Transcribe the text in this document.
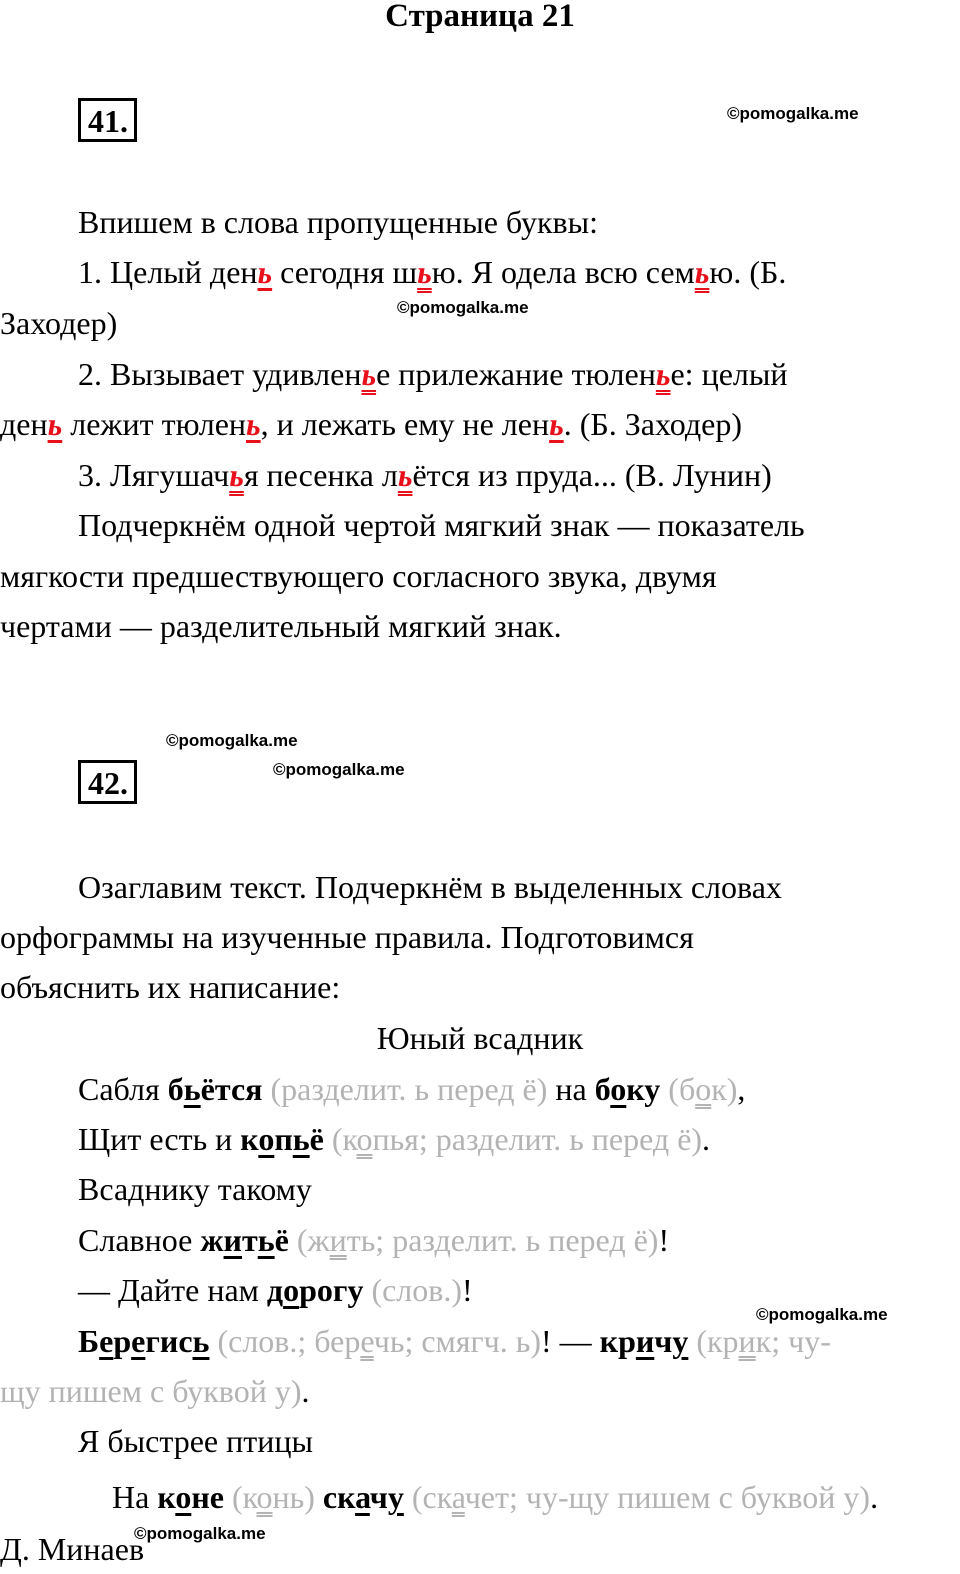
Страница 21
41.	©pomogalka.me
Впишем в слова пропущенные буквы:
1. Целый день сегодня шью. Я одела всю семью. (Б.
Заходер)	©pomogalka.me
2. Вызывает удивленье прилежание тюленье: целый
день лежит тюлень, и лежать ему не лень. (Б. Заходер)
3. Лягушачья песенка льётся из пруда... (В. Лунин)
Подчеркнём одной чертой мягкий знак — показатель
мягкости предшествующего согласного звука, двумя
чертами — разделительный мягкий знак.
©pomogalka.me
42.	©pomogalka.me
Озаглавим текст. Подчеркнём в выделенных словах
орфограммы на изученные правила. Подготовимся
объяснить их написание:
Юный всадник
Сабля бьётся (разделит. ь перед ё) на боку (бок),
Щит есть и копьё (копья; разделит. ь перед ё).
Всаднику такому
Славное житьё (жить; разделит. ь перед ё)!
— Дайте нам дорогу (слов.)!
©pomogalka.me
Берегись (слов.; беречь; смягч. ь)! — кричу (крик; чу-
щу пишем с буквой у).
Я быстрее птицы
На коне (конь) скачу (скачет; чу-щу пишем с буквой у).
©pomogalka.me
Д. Минаев
